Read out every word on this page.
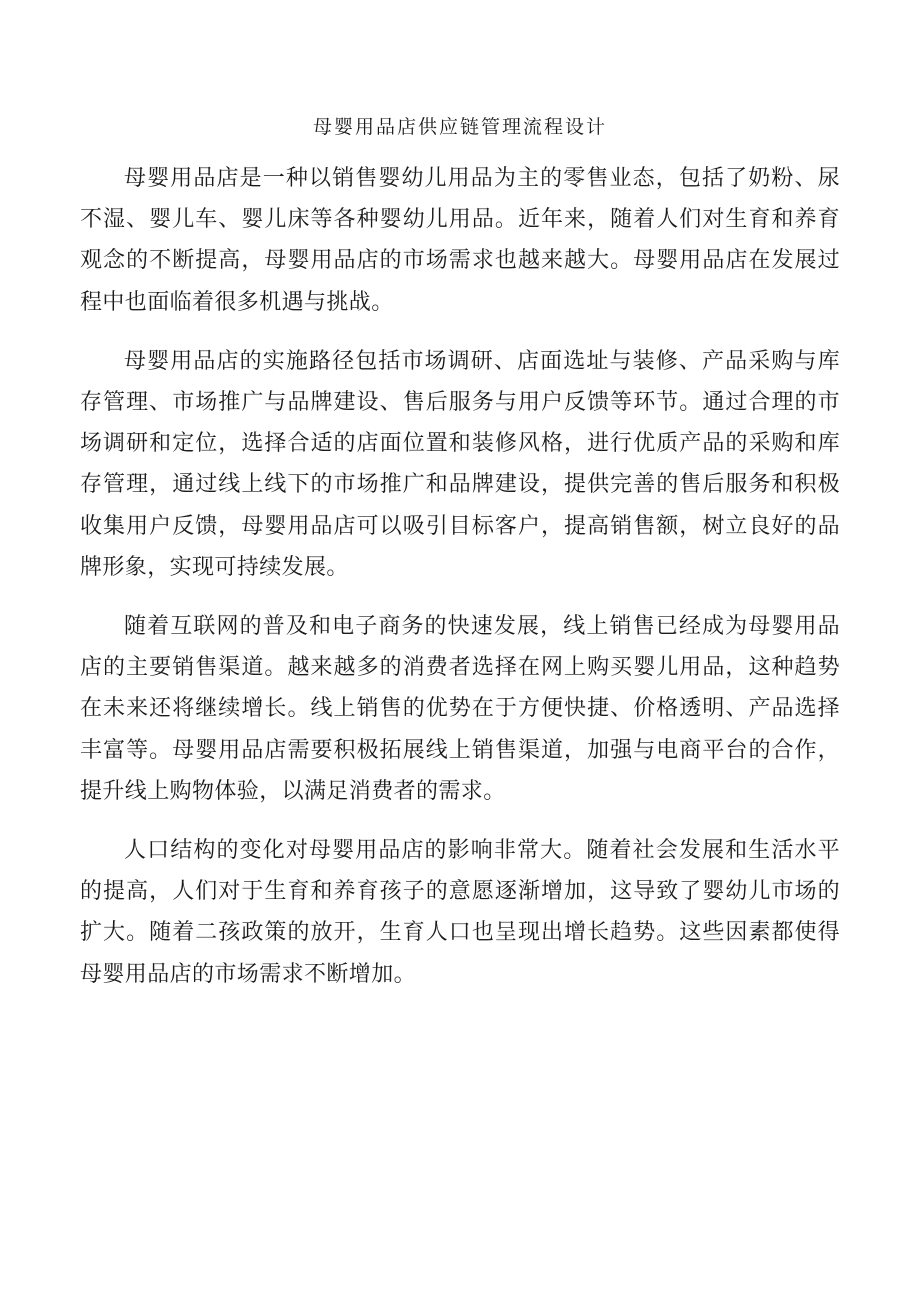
母婴用品店供应链管理流程设计

母婴用品店是一种以销售婴幼儿用品为主的零售业态，包括了奶粉、尿不湿、婴儿车、婴儿床等各种婴幼儿用品。近年来，随着人们对生育和养育观念的不断提高，母婴用品店的市场需求也越来越大。母婴用品店在发展过程中也面临着很多机遇与挑战。

母婴用品店的实施路径包括市场调研、店面选址与装修、产品采购与库存管理、市场推广与品牌建设、售后服务与用户反馈等环节。通过合理的市场调研和定位，选择合适的店面位置和装修风格，进行优质产品的采购和库存管理，通过线上线下的市场推广和品牌建设，提供完善的售后服务和积极收集用户反馈，母婴用品店可以吸引目标客户，提高销售额，树立良好的品牌形象，实现可持续发展。

随着互联网的普及和电子商务的快速发展，线上销售已经成为母婴用品店的主要销售渠道。越来越多的消费者选择在网上购买婴儿用品，这种趋势在未来还将继续增长。线上销售的优势在于方便快捷、价格透明、产品选择丰富等。母婴用品店需要积极拓展线上销售渠道，加强与电商平台的合作，提升线上购物体验，以满足消费者的需求。

人口结构的变化对母婴用品店的影响非常大。随着社会发展和生活水平的提高，人们对于生育和养育孩子的意愿逐渐增加，这导致了婴幼儿市场的扩大。随着二孩政策的放开，生育人口也呈现出增长趋势。这些因素都使得母婴用品店的市场需求不断增加。
